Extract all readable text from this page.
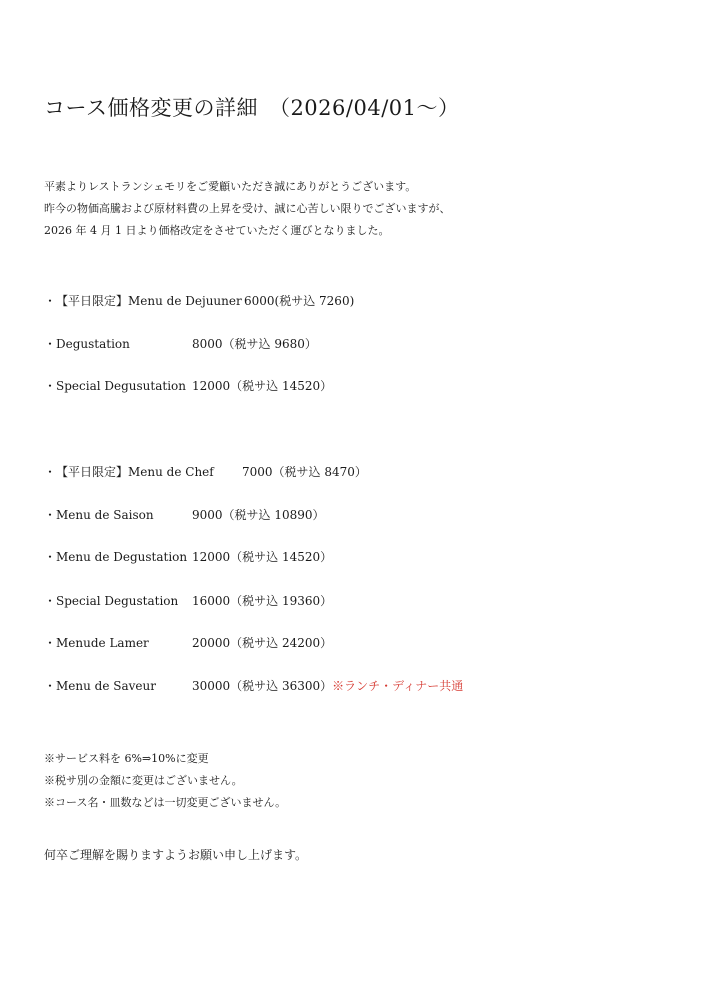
コース価格変更の詳細　（2026/04/01〜）
平素よりレストランシェモリをご愛顧いただき誠にありがとうございます。
昨今の物価高騰および原材料費の上昇を受け、誠に心苦しい限りでございますが、
2026 年 4 月 1 日より価格改定をさせていただく運びとなりました。
・【平日限定】Menu de Dejuuner 6000(税サ込 7260)
・Degustation	8000（税サ込 9680）
・Special Degusutation 12000（税サ込 14520）
・【平日限定】Menu de Chef 7000（税サ込 8470）
・Menu de Saison	9000（税サ込 10890）
・Menu de Degustation 12000（税サ込 14520）
・Special Degustation 16000（税サ込 19360）
・Menude Lamer	20000（税サ込 24200）
・Menu de Saveur	30000（税サ込 36300）※ランチ・ディナー共通
※サービス料を 6%⇒10%に変更
※税サ別の金額に変更はございません。
※コース名・皿数などは一切変更ございません。
何卒ご理解を賜りますようお願い申し上げます。
